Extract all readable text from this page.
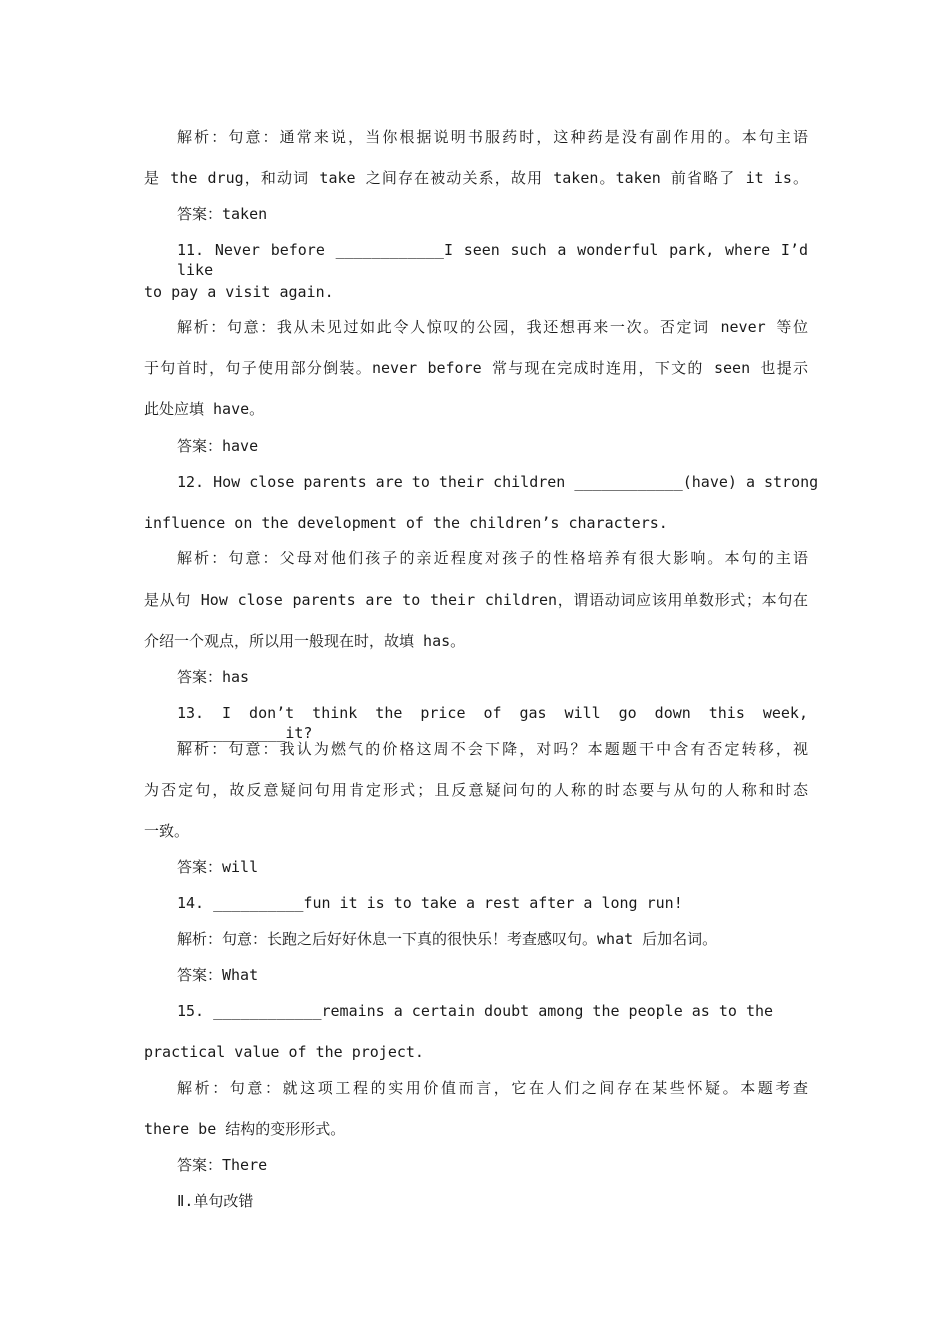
解析：句意：通常来说，当你根据说明书服药时，这种药是没有副作用的。本句主语
是 the drug，和动词 take 之间存在被动关系，故用 taken。taken 前省略了 it is。
答案：taken
11. Never before ____________I seen such a wonderful park, where I’d like
to pay a visit again.
解析：句意：我从未见过如此令人惊叹的公园，我还想再来一次。否定词 never 等位
于句首时，句子使用部分倒装。never before 常与现在完成时连用，下文的 seen 也提示
此处应填 have。
答案：have
12. How close parents are to their children ____________(have) a strong
influence on the development of the children’s characters.
解析：句意：父母对他们孩子的亲近程度对孩子的性格培养有很大影响。本句的主语
是从句 How close parents are to their children，谓语动词应该用单数形式；本句在
介绍一个观点，所以用一般现在时，故填 has。
答案：has
13. I don’t think the price of gas will go down this week, ____________it?
解析：句意：我认为燃气的价格这周不会下降，对吗？本题题干中含有否定转移，视
为否定句，故反意疑问句用肯定形式；且反意疑问句的人称的时态要与从句的人称和时态
一致。
答案：will
14. __________fun it is to take a rest after a long run!
解析：句意：长跑之后好好休息一下真的很快乐！考查感叹句。what 后加名词。
答案：What
15. ____________remains a certain doubt among the people as to the
practical value of the project.
解析：句意：就这项工程的实用价值而言，它在人们之间存在某些怀疑。本题考查
there be 结构的变形形式。
答案：There
Ⅱ.单句改错
